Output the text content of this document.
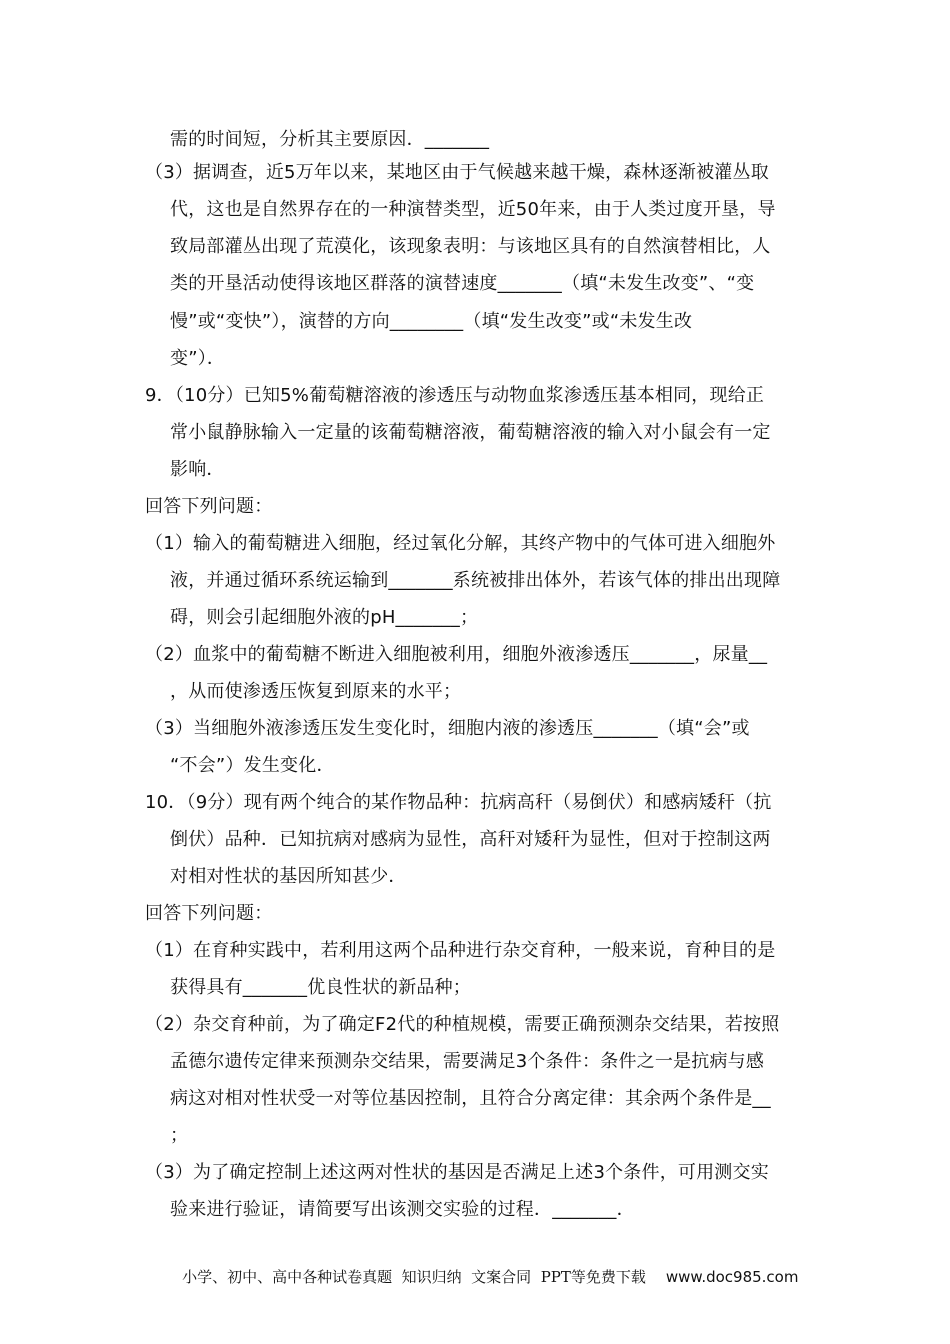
需的时间短，分析其主要原因．_______
（3）据调查，近5万年以来，某地区由于气候越来越干燥，森林逐渐被灌丛取
代，这也是自然界存在的一种演替类型，近50年来，由于人类过度开垦，导
致局部灌丛出现了荒漠化，该现象表明：与该地区具有的自然演替相比，人
类的开垦活动使得该地区群落的演替速度_______（填“未发生改变”、“变
慢”或“变快”），演替的方向________（填“发生改变”或“未发生改
变”）．
9．（10分）已知5%葡萄糖溶液的渗透压与动物血浆渗透压基本相同，现给正
常小鼠静脉输入一定量的该葡萄糖溶液，葡萄糖溶液的输入对小鼠会有一定
影响．
回答下列问题：
（1）输入的葡萄糖进入细胞，经过氧化分解，其终产物中的气体可进入细胞外
液，并通过循环系统运输到_______系统被排出体外，若该气体的排出出现障
碍，则会引起细胞外液的pH_______；
（2）血浆中的葡萄糖不断进入细胞被利用，细胞外液渗透压_______，尿量__
，从而使渗透压恢复到原来的水平；
（3）当细胞外液渗透压发生变化时，细胞内液的渗透压_______（填“会”或
“不会”）发生变化．
10．（9分）现有两个纯合的某作物品种：抗病高秆（易倒伏）和感病矮秆（抗
倒伏）品种．已知抗病对感病为显性，高秆对矮秆为显性，但对于控制这两
对相对性状的基因所知甚少．
回答下列问题：
（1）在育种实践中，若利用这两个品种进行杂交育种，一般来说，育种目的是
获得具有_______优良性状的新品种；
（2）杂交育种前，为了确定F2代的种植规模，需要正确预测杂交结果，若按照
孟德尔遗传定律来预测杂交结果，需要满足3个条件：条件之一是抗病与感
病这对相对性状受一对等位基因控制，且符合分离定律：其余两个条件是__
；
（3）为了确定控制上述这两对性状的基因是否满足上述3个条件，可用测交实
验来进行验证，请简要写出该测交实验的过程．_______．

小学、初中、高中各种试卷真题  知识归纳  文案合同  PPT等免费下载 www.doc985.com
